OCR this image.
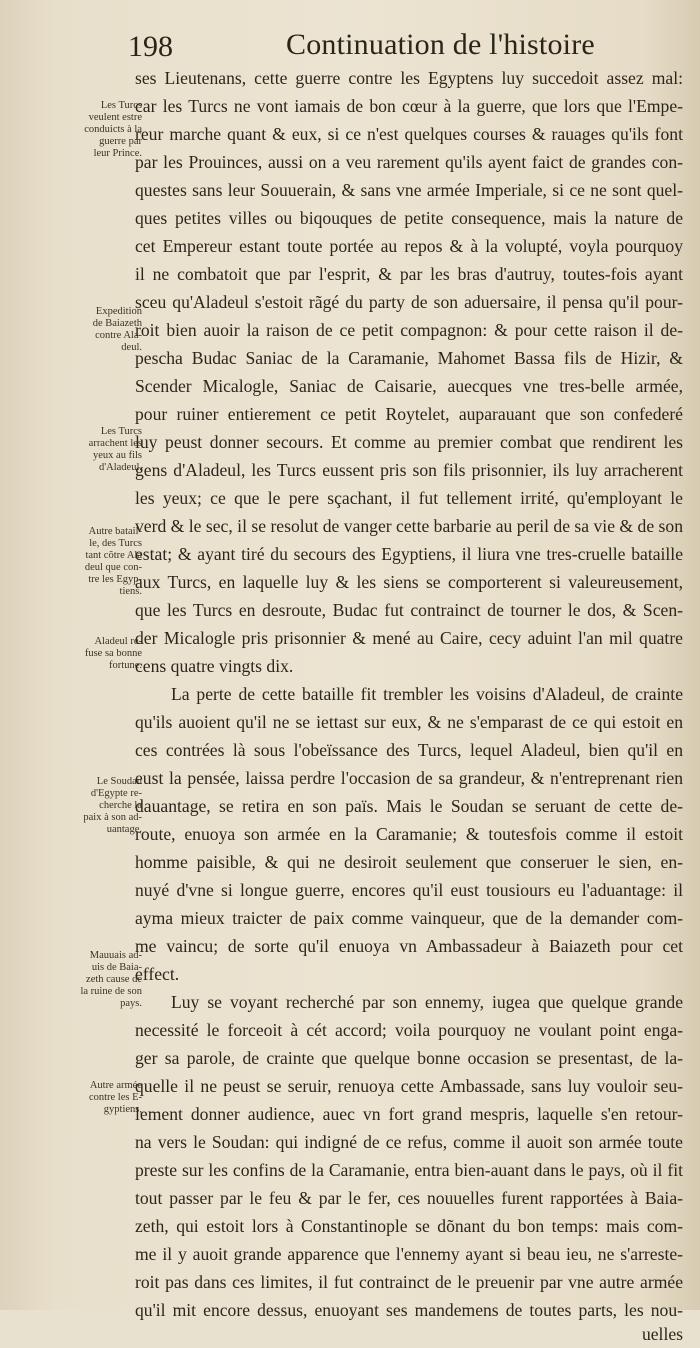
198	Continuation de l'histoire
Les Turcs
veulent estre
conduicts à la
guerre par
leur Prince.
Expedition
de Baiazeth
contre Ala-
deul.
Les Turcs
arrachent les
yeux au fils
d'Aladeul.
Autre batail-
le, des Turcs
tant cõtre Ala
deul que con-
tre les Egyp-
tiens.
Aladeul re-
fuse sa bonne
fortune.
Le Soudan
d'Egypte re-
cherche la
paix à son ad-
uantage.
Mauuais ad-
uis de Baia-
zeth cause de
la ruine de son
pays.
Autre armée
contre les E-
gyptiens,
ses Lieutenans, cette guerre contre les Egyptens luy succedoit assez mal:
car les Turcs ne vont iamais de bon cœur à la guerre, que lors que l'Empe-
reur marche quant & eux, si ce n'est quelques courses & rauages qu'ils font
par les Prouinces, aussi on a veu rarement qu'ils ayent faict de grandes con-
questes sans leur Souuerain, & sans vne armée Imperiale, si ce ne sont quel-
ques petites villes ou biqouques de petite consequence, mais la nature de
cet Empereur estant toute portée au repos & à la volupté, voyla pourquoy
il ne combatoit que par l'esprit, & par les bras d'autruy, toutes-fois ayant
sceu qu'Aladeul s'estoit rãgé du party de son aduersaire, il pensa qu'il pour-
roit bien auoir la raison de ce petit compagnon: & pour cette raison il de-
pescha Budac Saniac de la Caramanie, Mahomet Bassa fils de Hizir, &
Scender Micalogle, Saniac de Caisarie, auecques vne tres-belle armée,
pour ruiner entierement ce petit Roytelet, auparauant que son confederé
luy peust donner secours. Et comme au premier combat que rendirent les
gens d'Aladeul, les Turcs eussent pris son fils prisonnier, ils luy arracherent
les yeux; ce que le pere sçachant, il fut tellement irrité, qu'employant le
verd & le sec, il se resolut de vanger cette barbarie au peril de sa vie & de son
estat; & ayant tiré du secours des Egyptiens, il liura vne tres-cruelle bataille
aux Turcs, en laquelle luy & les siens se comporterent si valeureusement,
que les Turcs en desroute, Budac fut contrainct de tourner le dos, & Scen-
der Micalogle pris prisonnier & mené au Caire, cecy aduint l'an mil quatre
cens quatre vingts dix.
La perte de cette bataille fit trembler les voisins d'Aladeul, de crainte
qu'ils auoient qu'il ne se iettast sur eux, & ne s'emparast de ce qui estoit en
ces contrées là sous l'obeïssance des Turcs, lequel Aladeul, bien qu'il en
eust la pensée, laissa perdre l'occasion de sa grandeur, & n'entreprenant rien
dauantage, se retira en son païs. Mais le Soudan se seruant de cette de-
route, enuoya son armée en la Caramanie; & toutesfois comme il estoit
homme paisible, & qui ne desiroit seulement que conseruer le sien, en-
nuyé d'vne si longue guerre, encores qu'il eust tousiours eu l'aduantage: il
ayma mieux traicter de paix comme vainqueur, que de la demander com-
me vaincu; de sorte qu'il enuoya vn Ambassadeur à Baiazeth pour cet
effect.
Luy se voyant recherché par son ennemy, iugea que quelque grande
necessité le forceoit à cét accord; voila pourquoy ne voulant point enga-
ger sa parole, de crainte que quelque bonne occasion se presentast, de la-
quelle il ne peust se seruir, renuoya cette Ambassade, sans luy vouloir seu-
lement donner audience, auec vn fort grand mespris, laquelle s'en retour-
na vers le Soudan: qui indigné de ce refus, comme il auoit son armée toute
preste sur les confins de la Caramanie, entra bien-auant dans le pays, où il fit
tout passer par le feu & par le fer, ces nouuelles furent rapportées à Baia-
zeth, qui estoit lors à Constantinople se dõnant du bon temps: mais com-
me il y auoit grande apparence que l'ennemy ayant si beau ieu, ne s'arreste-
roit pas dans ces limites, il fut contrainct de le preuenir par vne autre armée
qu'il mit encore dessus, enuoyant ses mandemens de toutes parts, les nou-
uelles
